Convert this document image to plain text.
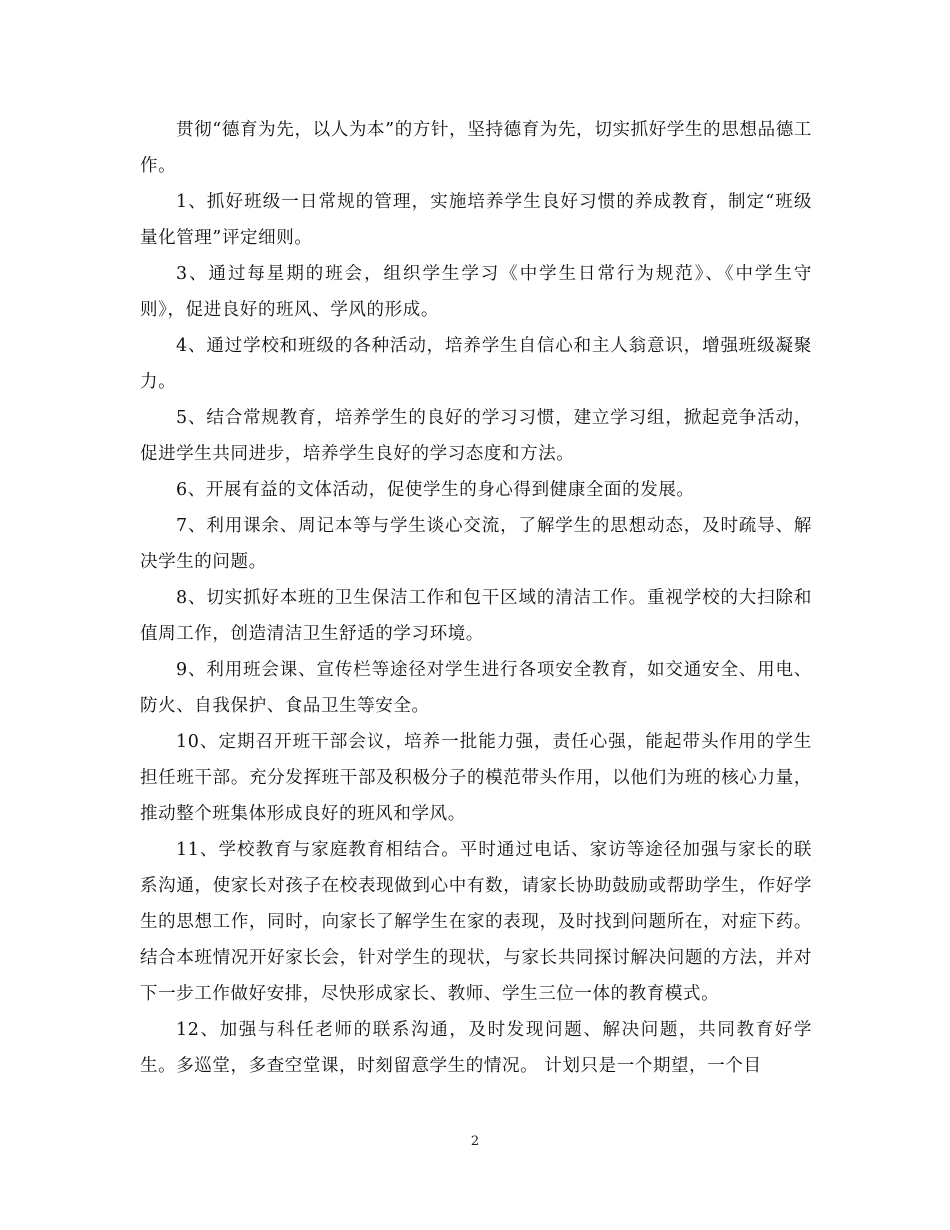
贯彻“德育为先，以人为本”的方针，坚持德育为先，切实抓好学生的思想品德工作。

1、抓好班级一日常规的管理，实施培养学生良好习惯的养成教育，制定“班级量化管理”评定细则。

3、通过每星期的班会，组织学生学习《中学生日常行为规范》、《中学生守则》，促进良好的班风、学风的形成。

4、通过学校和班级的各种活动，培养学生自信心和主人翁意识，增强班级凝聚力。

5、结合常规教育，培养学生的良好的学习习惯，建立学习组，掀起竞争活动，促进学生共同进步，培养学生良好的学习态度和方法。

6、开展有益的文体活动，促使学生的身心得到健康全面的发展。

7、利用课余、周记本等与学生谈心交流，了解学生的思想动态，及时疏导、解决学生的问题。

8、切实抓好本班的卫生保洁工作和包干区域的清洁工作。重视学校的大扫除和值周工作，创造清洁卫生舒适的学习环境。

9、利用班会课、宣传栏等途径对学生进行各项安全教育，如交通安全、用电、防火、自我保护、食品卫生等安全。

10、定期召开班干部会议，培养一批能力强，责任心强，能起带头作用的学生担任班干部。充分发挥班干部及积极分子的模范带头作用，以他们为班的核心力量，推动整个班集体形成良好的班风和学风。

11、学校教育与家庭教育相结合。平时通过电话、家访等途径加强与家长的联系沟通，使家长对孩子在校表现做到心中有数，请家长协助鼓励或帮助学生，作好学生的思想工作，同时，向家长了解学生在家的表现，及时找到问题所在，对症下药。结合本班情况开好家长会，针对学生的现状，与家长共同探讨解决问题的方法，并对下一步工作做好安排，尽快形成家长、教师、学生三位一体的教育模式。

12、加强与科任老师的联系沟通，及时发现问题、解决问题，共同教育好学生。多巡堂，多查空堂课，时刻留意学生的情况。 计划只是一个期望，一个目

2
